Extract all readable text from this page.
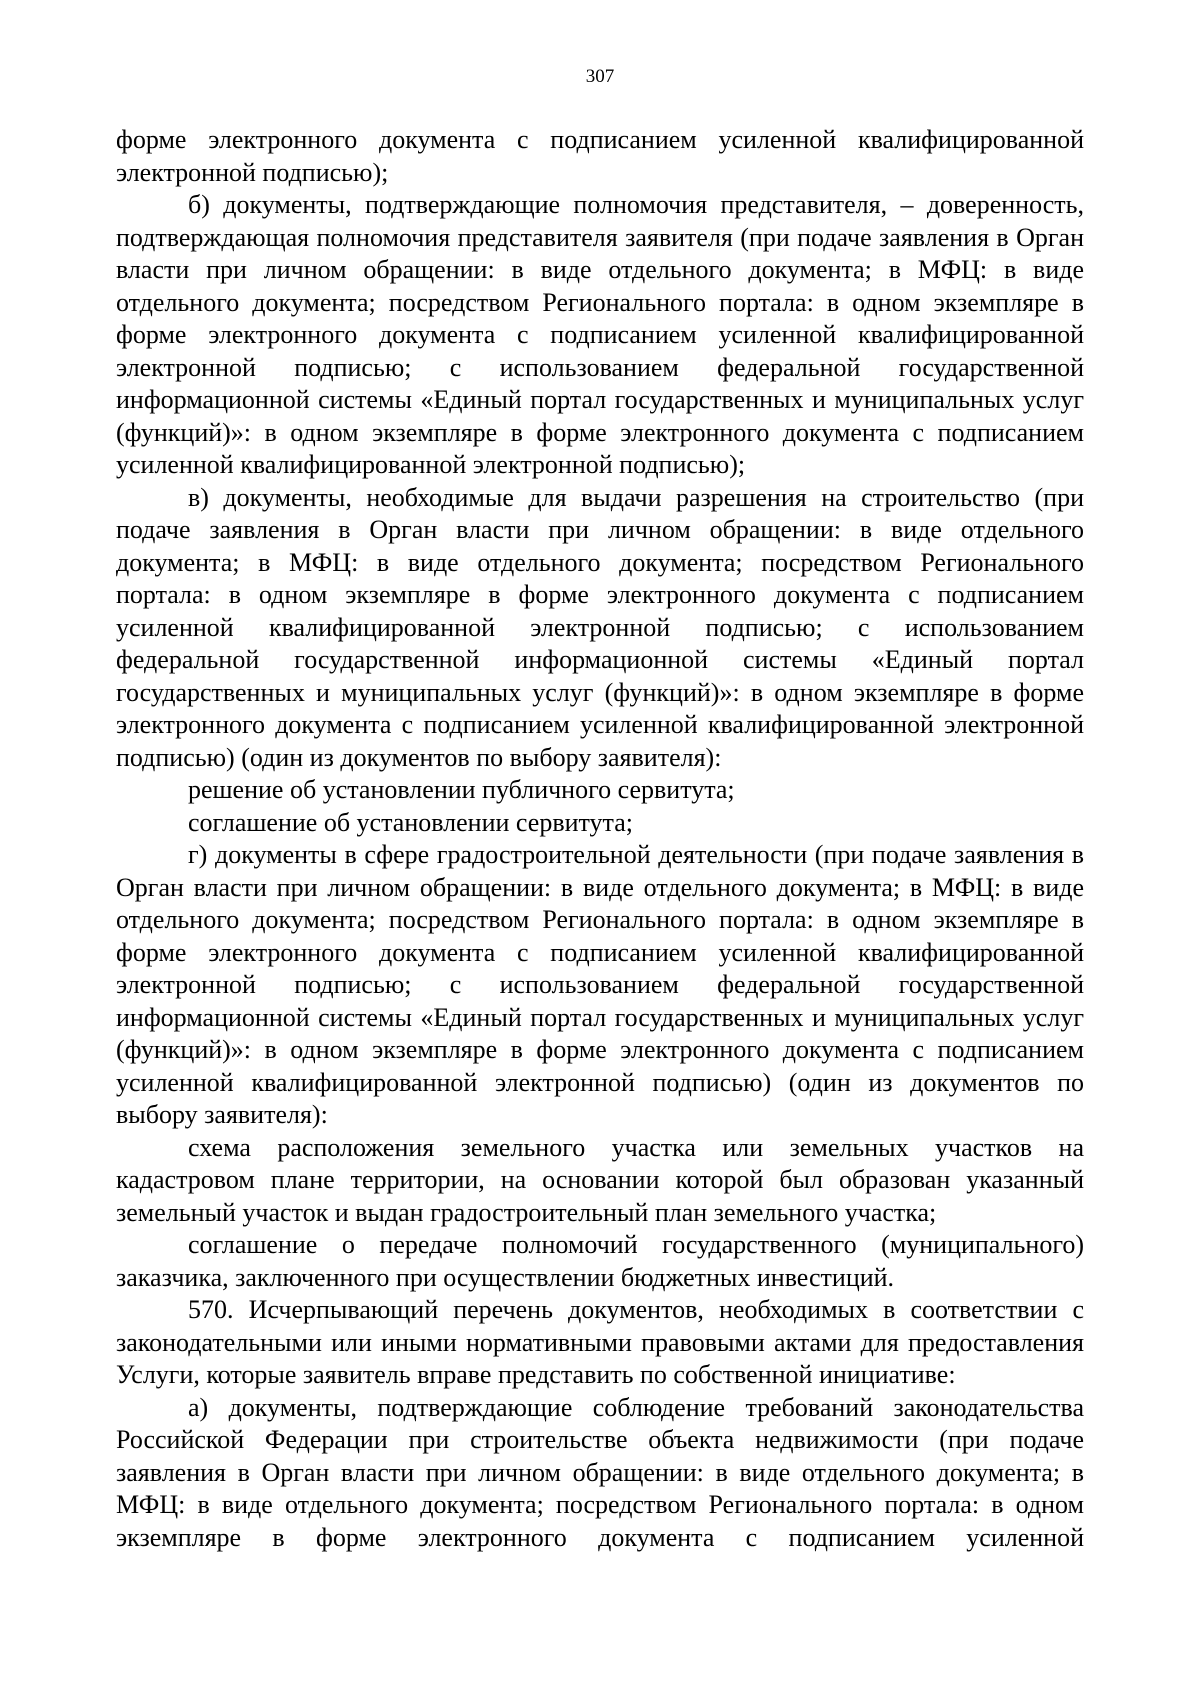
307

форме электронного документа с подписанием усиленной квалифицированной электронной подписью);

б) документы, подтверждающие полномочия представителя, – доверенность, подтверждающая полномочия представителя заявителя (при подаче заявления в Орган власти при личном обращении: в виде отдельного документа; в МФЦ: в виде отдельного документа; посредством Регионального портала: в одном экземпляре в форме электронного документа с подписанием усиленной квалифицированной электронной подписью; с использованием федеральной государственной информационной системы «Единый портал государственных и муниципальных услуг (функций)»: в одном экземпляре в форме электронного документа с подписанием усиленной квалифицированной электронной подписью);

в) документы, необходимые для выдачи разрешения на строительство (при подаче заявления в Орган власти при личном обращении: в виде отдельного документа; в МФЦ: в виде отдельного документа; посредством Регионального портала: в одном экземпляре в форме электронного документа с подписанием усиленной квалифицированной электронной подписью; с использованием федеральной государственной информационной системы «Единый портал государственных и муниципальных услуг (функций)»: в одном экземпляре в форме электронного документа с подписанием усиленной квалифицированной электронной подписью) (один из документов по выбору заявителя):

решение об установлении публичного сервитута;

соглашение об установлении сервитута;

г) документы в сфере градостроительной деятельности (при подаче заявления в Орган власти при личном обращении: в виде отдельного документа; в МФЦ: в виде отдельного документа; посредством Регионального портала: в одном экземпляре в форме электронного документа с подписанием усиленной квалифицированной электронной подписью; с использованием федеральной государственной информационной системы «Единый портал государственных и муниципальных услуг (функций)»: в одном экземпляре в форме электронного документа с подписанием усиленной квалифицированной электронной подписью) (один из документов по выбору заявителя):

схема расположения земельного участка или земельных участков на кадастровом плане территории, на основании которой был образован указанный земельный участок и выдан градостроительный план земельного участка;

соглашение о передаче полномочий государственного (муниципального) заказчика, заключенного при осуществлении бюджетных инвестиций.

570. Исчерпывающий перечень документов, необходимых в соответствии с законодательными или иными нормативными правовыми актами для предоставления Услуги, которые заявитель вправе представить по собственной инициативе:

а) документы, подтверждающие соблюдение требований законодательства Российской Федерации при строительстве объекта недвижимости (при подаче заявления в Орган власти при личном обращении: в виде отдельного документа; в МФЦ: в виде отдельного документа; посредством Регионального портала: в одном экземпляре в форме электронного документа с подписанием усиленной
